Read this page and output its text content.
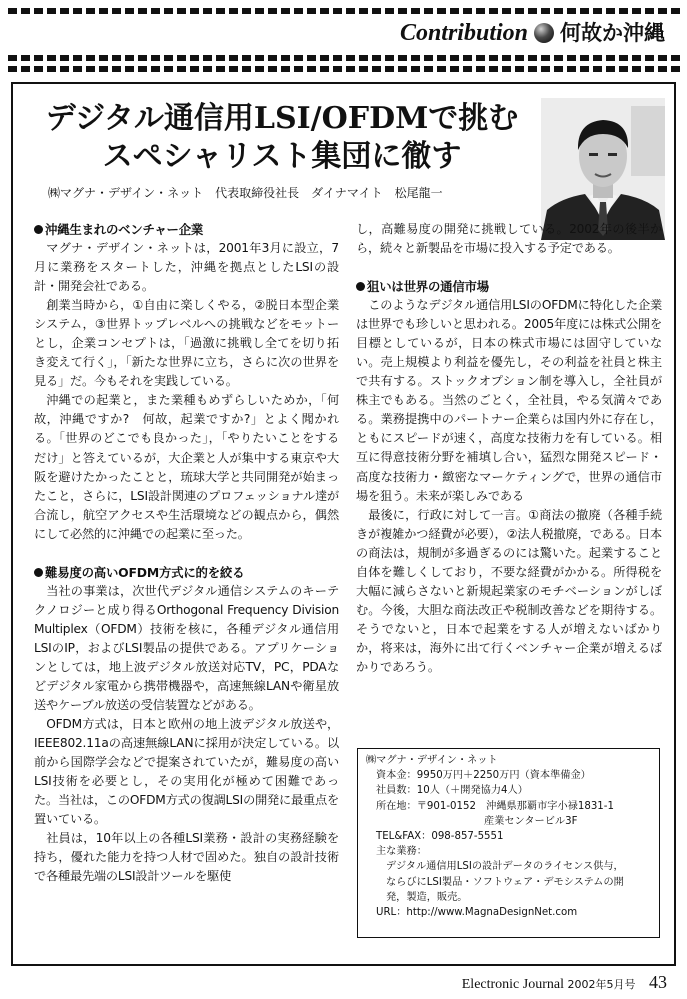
Contribution 何故か沖縄
デジタル通信用LSI/OFDMで挑む
スペシャリスト集団に徹す
㈱マグナ・デザイン・ネット　代表取締役社長　ダイナマイト　松尾龍一
沖縄生まれのベンチャー企業

マグナ・デザイン・ネットは，2001年3月に設立，7月に業務をスタートした，沖縄を拠点としたLSIの設計・開発会社である。

創業当時から，①自由に楽しくやる，②脱日本型企業システム，③世界トップレベルへの挑戦などをモットーとし，企業コンセプトは，「過激に挑戦し全てを切り拓き変えて行く」，「新たな世界に立ち，さらに次の世界を見る」だ。今もそれを実践している。

沖縄での起業と，また業種もめずらしいためか，「何故，沖縄ですか?　何故，起業ですか?」とよく聞かれる。「世界のどこでも良かった」，「やりたいことをするだけ」と答えているが，大企業と人が集中する東京や大阪を避けたかったことと，琉球大学と共同開発が始まったこと，さらに，LSI設計関連のプロフェッショナル達が合流し，航空アクセスや生活環境などの観点から，偶然にして必然的に沖縄での起業に至った。

難易度の高いOFDM方式に的を絞る

当社の事業は，次世代デジタル通信システムのキーテクノロジーと成り得るOrthogonal Frequency Division Multiplex（OFDM）技術を核に，各種デジタル通信用LSIのIP，およびLSI製品の提供である。アプリケーションとしては，地上波デジタル放送対応TV，PC，PDAなどデジタル家電から携帯機器や，高速無線LANや衛星放送やケーブル放送の受信装置などがある。

OFDM方式は，日本と欧州の地上波デジタル放送や，IEEE802.11aの高速無線LANに採用が決定している。以前から国際学会などで提案されていたが，難易度の高いLSI技術を必要とし，その実用化が極めて困難であった。当社は，このOFDM方式の復調LSIの開発に最重点を置いている。

社員は，10年以上の各種LSI業務・設計の実務経験を持ち，優れた能力を持つ人材で固めた。独自の設計技術で各種最先端のLSI設計ツールを駆使

し，高難易度の開発に挑戦している。2002年の後半から，続々と新製品を市場に投入する予定である。

狙いは世界の通信市場

このようなデジタル通信用LSIのOFDMに特化した企業は世界でも珍しいと思われる。2005年度には株式公開を目標としているが，日本の株式市場には固守していない。売上規模より利益を優先し，その利益を社員と株主で共有する。ストックオプション制を導入し，全社員が株主でもある。当然のごとく，全社員，やる気満々である。業務提携中のパートナー企業らは国内外に存在し，ともにスピードが速く，高度な技術力を有している。相互に得意技術分野を補填し合い，猛烈な開発スピード・高度な技術力・緻密なマーケティングで，世界の通信市場を狙う。未来が楽しみである

最後に，行政に対して一言。①商法の撤廃（各種手続きが複雑かつ経費が必要），②法人税撤廃，である。日本の商法は，規制が多過ぎるのには驚いた。起業すること自体を難しくしており，不要な経費がかかる。所得税を大幅に減らさないと新規起業家のモチベーションがしぼむ。今後，大胆な商法改正や税制改善などを期待する。そうでないと，日本で起業をする人が増えないばかりか，将来は，海外に出て行くベンチャー企業が増えるばかりであろう。

㈱マグナ・デザイン・ネット
資本金：9950万円＋2250万円（資本準備金）
社員数：10人（＋開発協力4人）
所在地：〒901-0152　沖縄県那覇市字小禄1831-1
産業センタービル3F
TEL&FAX：098-857-5551
主な業務：
デジタル通信用LSIの設計データのライセンス供与，
ならびにLSI製品・ソフトウェア・デモシステムの開
発，製造，販売。
URL：http://www.MagnaDesignNet.com
Electronic Journal 2002年5月号 43
